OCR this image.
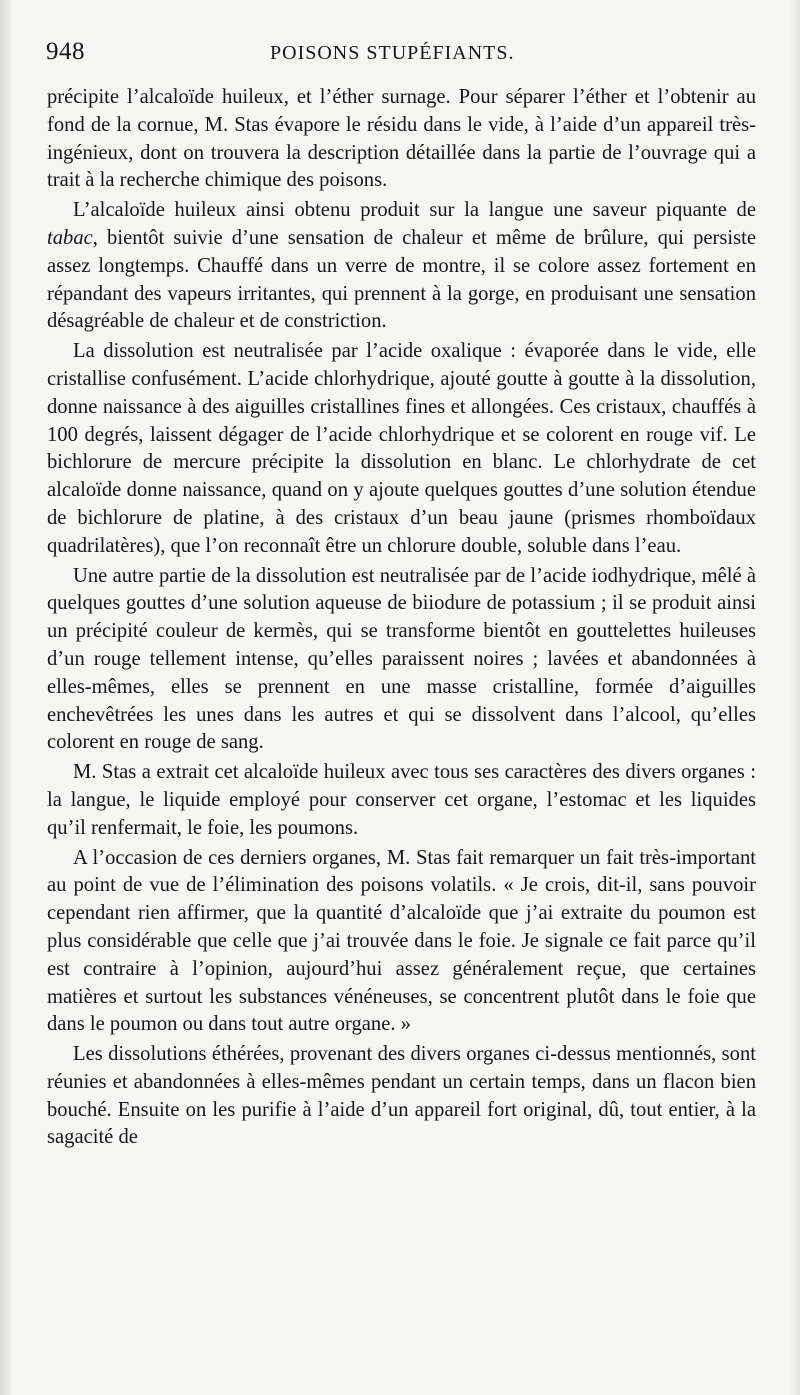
948	POISONS STUPÉFIANTS.

précipite l’alcaloïde huileux, et l’éther surnage. Pour séparer l’éther et l’obtenir au fond de la cornue, M. Stas évapore le résidu dans le vide, à l’aide d’un appareil très-ingénieux, dont on trouvera la description détaillée dans la partie de l’ouvrage qui a trait à la recherche chimique des poisons.

L’alcaloïde huileux ainsi obtenu produit sur la langue une saveur piquante de tabac, bientôt suivie d’une sensation de chaleur et même de brûlure, qui persiste assez longtemps. Chauffé dans un verre de montre, il se colore assez fortement en répandant des vapeurs irritantes, qui prennent à la gorge, en produisant une sensation désagréable de chaleur et de constriction.

La dissolution est neutralisée par l’acide oxalique : évaporée dans le vide, elle cristallise confusément. L’acide chlorhydrique, ajouté goutte à goutte à la dissolution, donne naissance à des aiguilles cristallines fines et allongées. Ces cristaux, chauffés à 100 degrés, laissent dégager de l’acide chlorhydrique et se colorent en rouge vif. Le bichlorure de mercure précipite la dissolution en blanc. Le chlorhydrate de cet alcaloïde donne naissance, quand on y ajoute quelques gouttes d’une solution étendue de bichlorure de platine, à des cristaux d’un beau jaune (prismes rhomboïdaux quadrilatères), que l’on reconnaît être un chlorure double, soluble dans l’eau.

Une autre partie de la dissolution est neutralisée par de l’acide iodhydrique, mêlé à quelques gouttes d’une solution aqueuse de biiodure de potassium ; il se produit ainsi un précipité couleur de kermès, qui se transforme bientôt en gouttelettes huileuses d’un rouge tellement intense, qu’elles paraissent noires ; lavées et abandonnées à elles-mêmes, elles se prennent en une masse cristalline, formée d’aiguilles enchevêtrées les unes dans les autres et qui se dissolvent dans l’alcool, qu’elles colorent en rouge de sang.

M. Stas a extrait cet alcaloïde huileux avec tous ses caractères des divers organes : la langue, le liquide employé pour conserver cet organe, l’estomac et les liquides qu’il renfermait, le foie, les poumons.

A l’occasion de ces derniers organes, M. Stas fait remarquer un fait très-important au point de vue de l’élimination des poisons volatils. « Je crois, dit-il, sans pouvoir cependant rien affirmer, que la quantité d’alcaloïde que j’ai extraite du poumon est plus considérable que celle que j’ai trouvée dans le foie. Je signale ce fait parce qu’il est contraire à l’opinion, aujourd’hui assez généralement reçue, que certaines matières et surtout les substances vénéneuses, se concentrent plutôt dans le foie que dans le poumon ou dans tout autre organe. »

Les dissolutions éthérées, provenant des divers organes ci-dessus mentionnés, sont réunies et abandonnées à elles-mêmes pendant un certain temps, dans un flacon bien bouché. Ensuite on les purifie à l’aide d’un appareil fort original, dû, tout entier, à la sagacité de
